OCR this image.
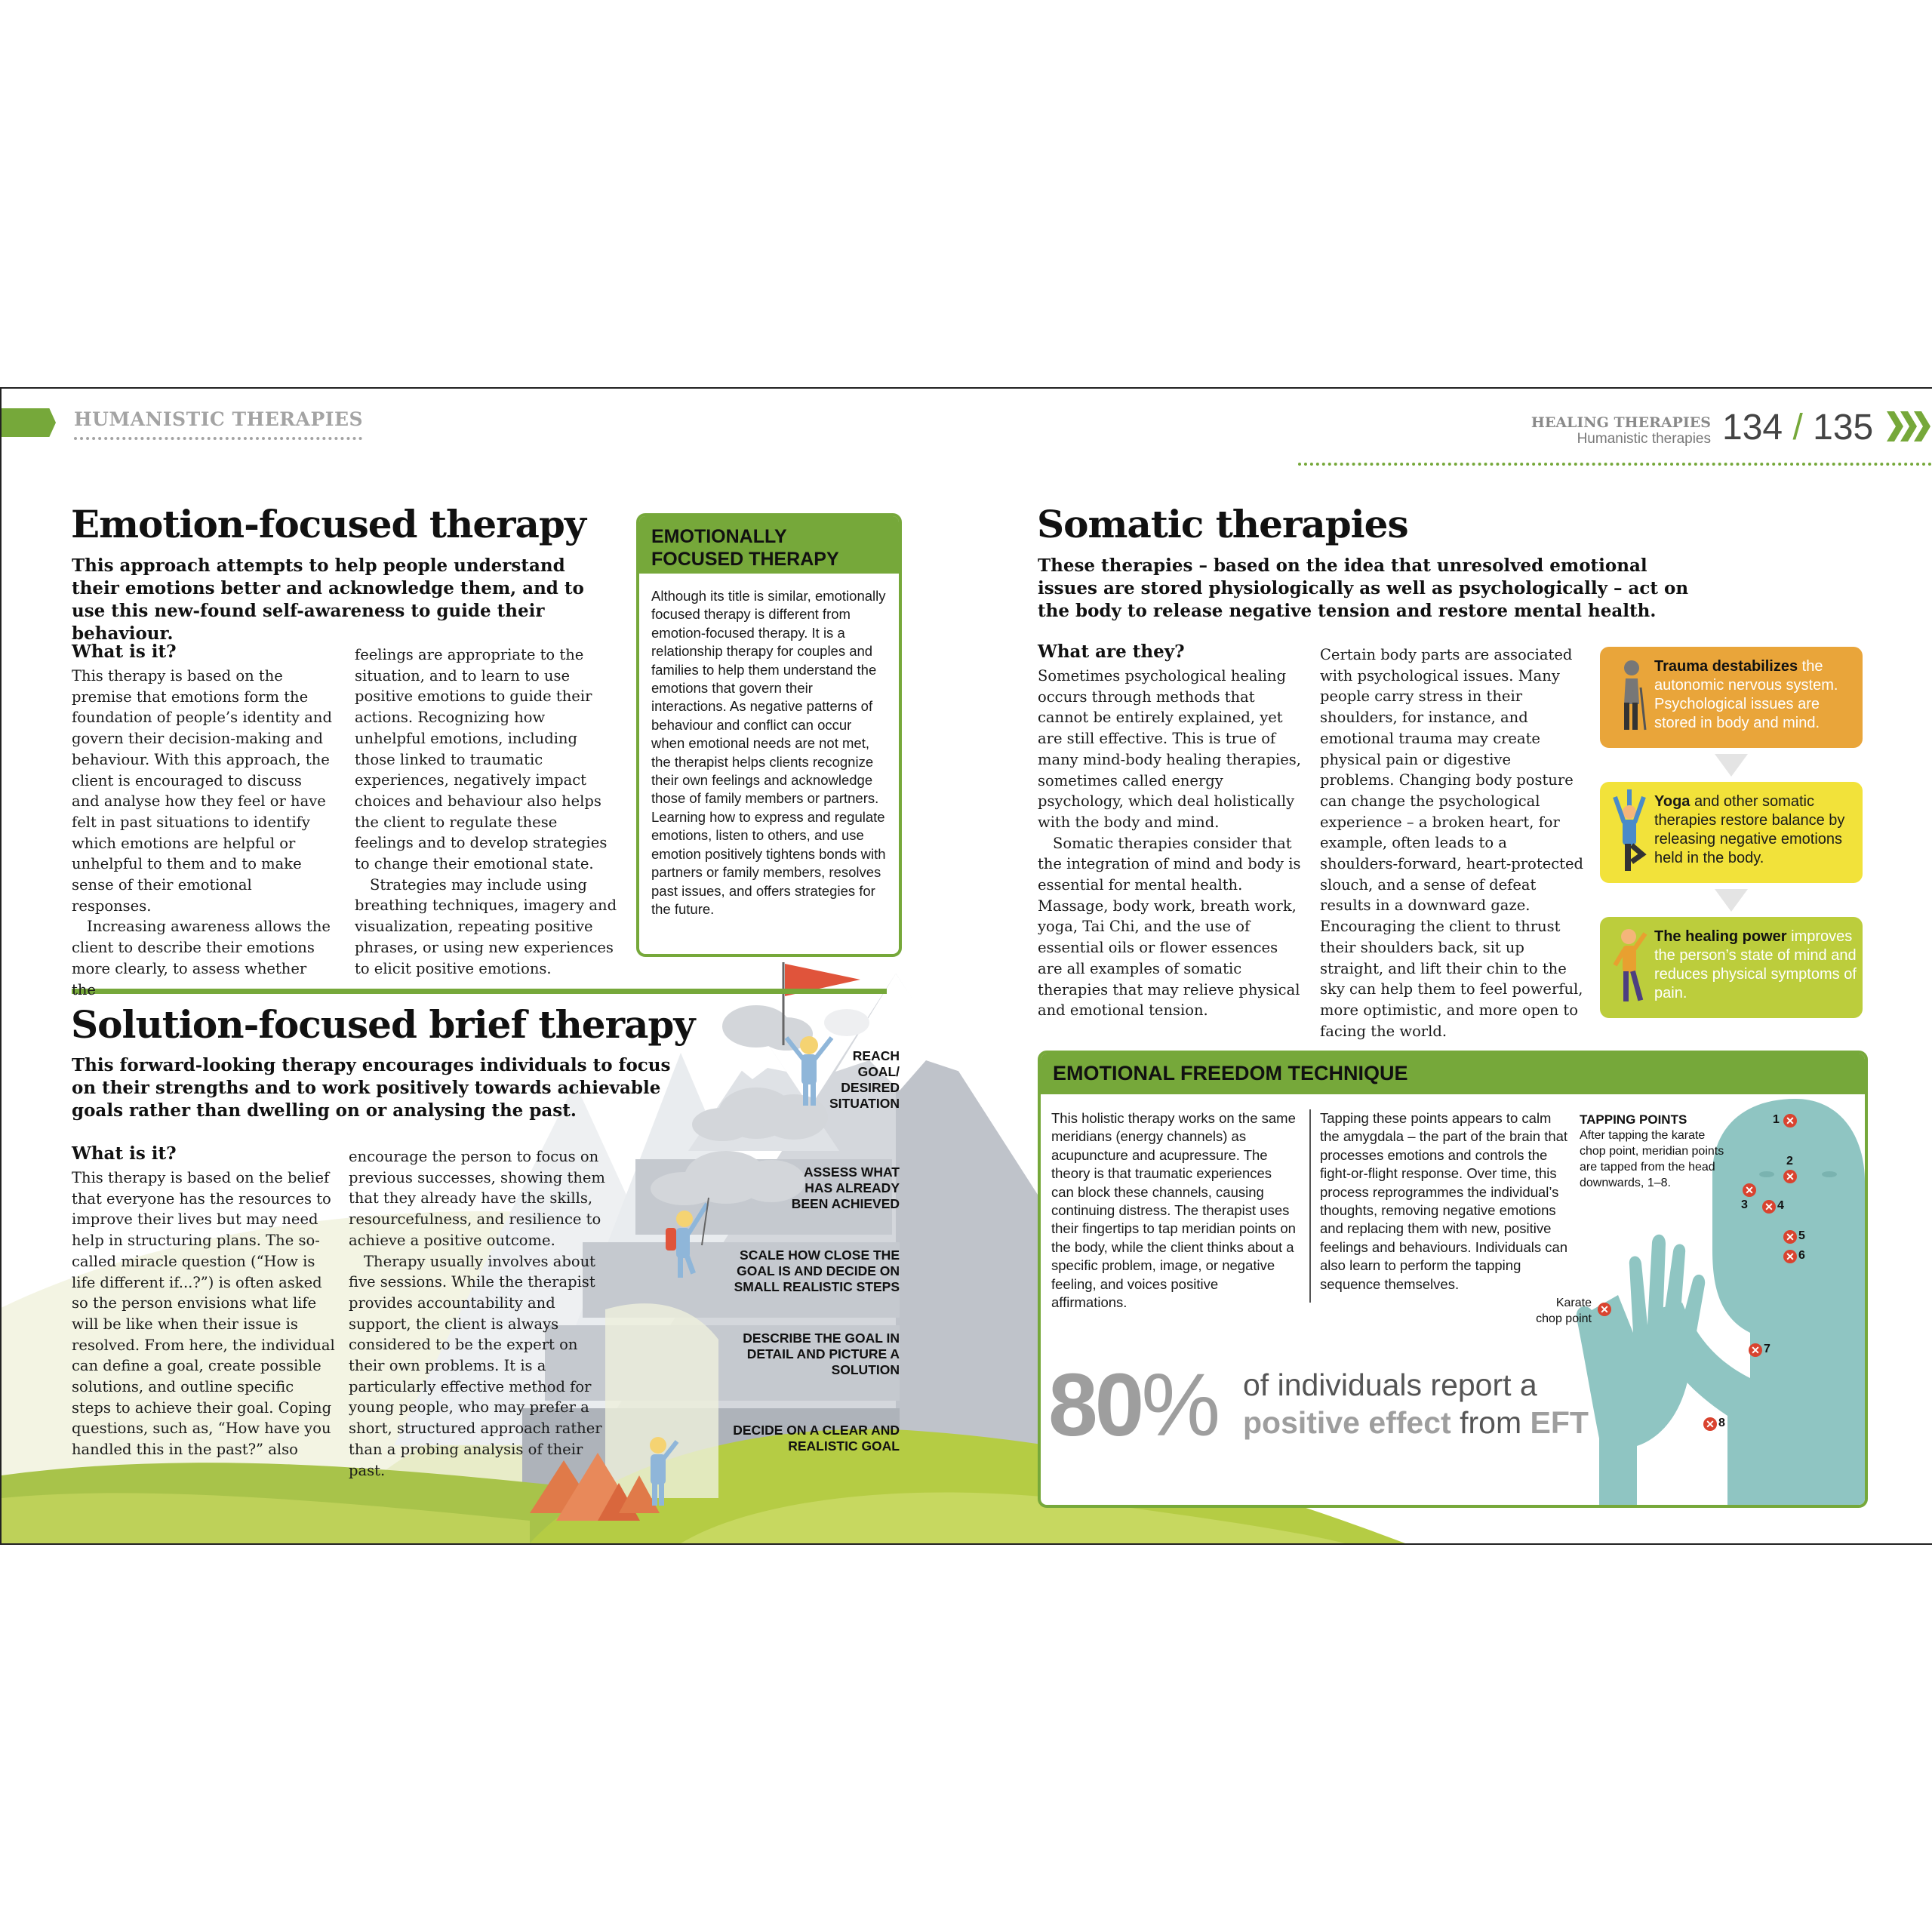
HUMANISTIC THERAPIES	HEALING THERAPIES
Humanistic therapies 134 / 135
Emotion-focused therapy
This approach attempts to help people understand their emotions better and acknowledge them, and to use this new-found self-awareness to guide their behaviour.
What is it?

This therapy is based on the premise that emotions form the foundation of people’s identity and govern their decision-making and behaviour. With this approach, the client is encouraged to discuss and analyse how they feel or have felt in past situations to identify which emotions are helpful or unhelpful to them and to make sense of their emotional responses.

Increasing awareness allows the client to describe their emotions more clearly, to assess whether the

feelings are appropriate to the situation, and to learn to use positive emotions to guide their actions. Recognizing how unhelpful emotions, including those linked to traumatic experiences, negatively impact choices and behaviour also helps the client to regulate these feelings and to develop strategies to change their emotional state.

Strategies may include using breathing techniques, imagery and visualization, repeating positive phrases, or using new experiences to elicit positive emotions.

EMOTIONALLY
FOCUSED THERAPY
Although its title is similar, emotionally focused therapy is different from emotion-focused therapy. It is a relationship therapy for couples and families to help them understand the emotions that govern their interactions. As negative patterns of behaviour and conflict can occur when emotional needs are not met, the therapist helps clients recognize their own feelings and acknowledge those of family members or partners. Learning how to express and regulate emotions, listen to others, and use emotion positively tightens bonds with partners or family members, resolves past issues, and offers strategies for the future.
Solution-focused brief therapy
This forward-looking therapy encourages individuals to focus on their strengths and to work positively towards achievable goals rather than dwelling on or analysing the past.
What is it?

This therapy is based on the belief that everyone has the resources to improve their lives but may need help in structuring plans. The so-called miracle question (“How is life different if...?”) is often asked so the person envisions what life will be like when their issue is resolved. From here, the individual can define a goal, create possible solutions, and outline specific steps to achieve their goal. Coping questions, such as, “How have you handled this in the past?” also

encourage the person to focus on previous successes, showing them that they already have the skills, resourcefulness, and resilience to achieve a positive outcome.

Therapy usually involves about five sessions. While the therapist provides accountability and support, the client is always considered to be the expert on their own problems. It is a particularly effective method for young people, who may prefer a short, structured approach rather than a probing analysis of their past.

REACH GOAL/ DESIRED SITUATION
ASSESS WHAT HAS ALREADY BEEN ACHIEVED
SCALE HOW CLOSE THE GOAL IS AND DECIDE ON SMALL REALISTIC STEPS
DESCRIBE THE GOAL IN DETAIL AND PICTURE A SOLUTION
DECIDE ON A CLEAR AND REALISTIC GOAL
Somatic therapies
These therapies – based on the idea that unresolved emotional issues are stored physiologically as well as psychologically – act on the body to release negative tension and restore mental health.
What are they?

Sometimes psychological healing occurs through methods that cannot be entirely explained, yet are still effective. This is true of many mind-body healing therapies, sometimes called energy psychology, which deal holistically with the body and mind.

Somatic therapies consider that the integration of mind and body is essential for mental health. Massage, body work, breath work, yoga, Tai Chi, and the use of essential oils or flower essences are all examples of somatic therapies that may relieve physical and emotional tension.

Certain body parts are associated with psychological issues. Many people carry stress in their shoulders, for instance, and emotional trauma may create physical pain or digestive problems. Changing body posture can change the psychological experience – a broken heart, for example, often leads to a shoulders-forward, heart-protected slouch, and a sense of defeat results in a downward gaze. Encouraging the client to thrust their shoulders back, sit up straight, and lift their chin to the sky can help them to feel powerful, more optimistic, and more open to facing the world.

Trauma destabilizes the autonomic nervous system. Psychological issues are stored in body and mind.
Yoga and other somatic therapies restore balance by releasing negative emotions held in the body.
The healing power improves the person’s state of mind and reduces physical symptoms of pain.
EMOTIONAL FREEDOM TECHNIQUE
This holistic therapy works on the same meridians (energy channels) as acupuncture and acupressure. The theory is that traumatic experiences can block these channels, causing continuing distress. The therapist uses their fingertips to tap meridian points on the body, while the client thinks about a specific problem, image, or negative feeling, and voices positive affirmations.
Tapping these points appears to calm the amygdala – the part of the brain that processes emotions and controls the fight-or-flight response. Over time, this process reprogrammes the individual’s thoughts, removing negative emotions and replacing them with new, positive feelings and behaviours. Individuals can also learn to perform the tapping sequence themselves.
TAPPING POINTS
After tapping the karate chop point, meridian points are tapped from the head downwards, 1–8.
✕
1
✕
2
✕
3 ✕ 4
✕ 5
✕ 6
✕ 7
✕ 8
✕
Karate
chop point
80% of individuals report a
positive effect from EFT
